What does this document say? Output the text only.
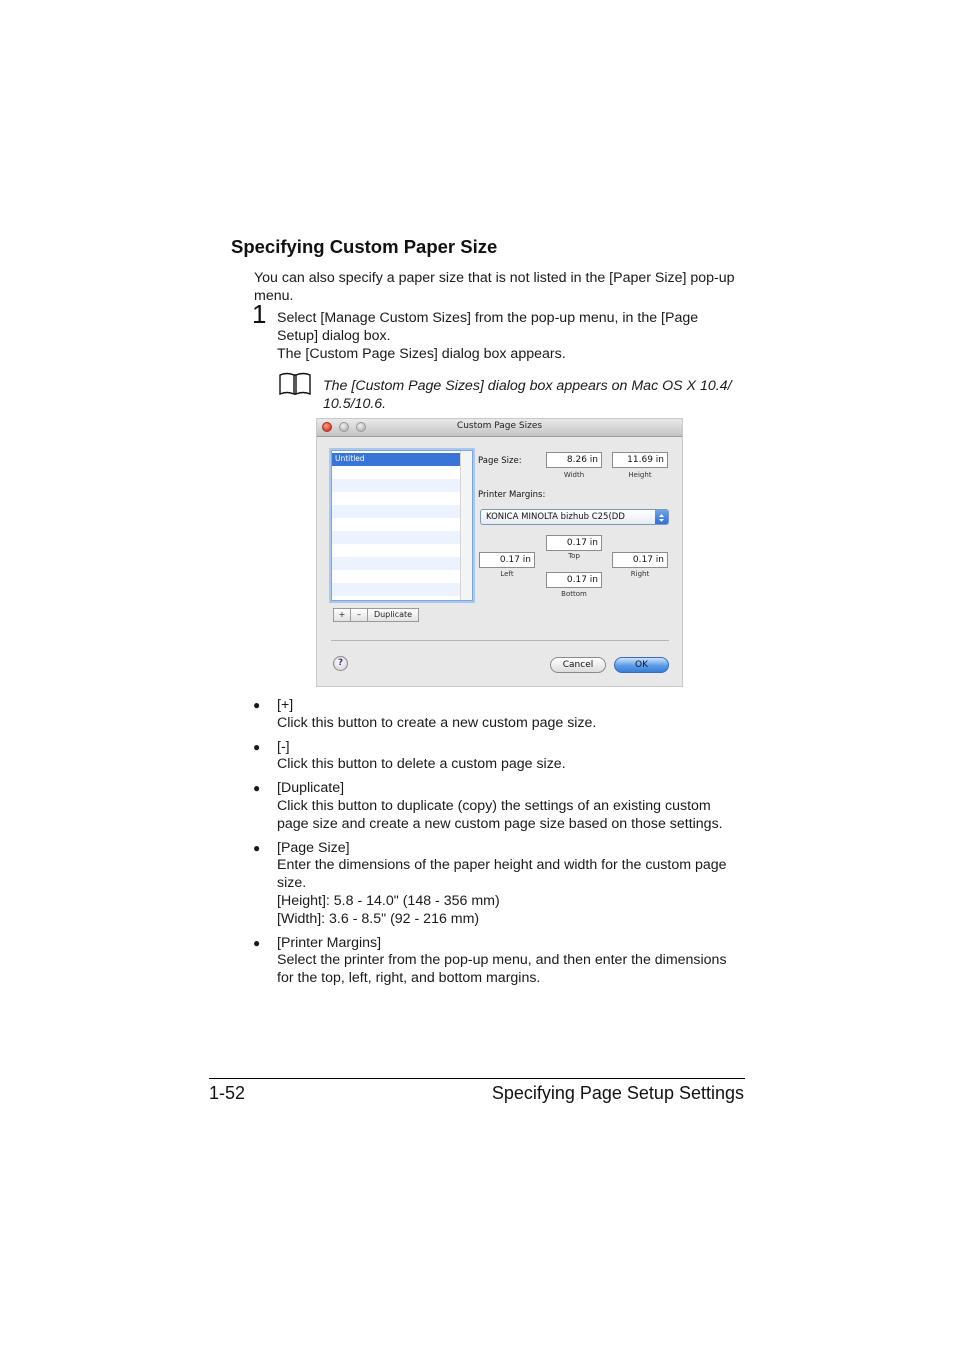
Specifying Custom Paper Size
You can also specify a paper size that is not listed in the [Paper Size] pop-up
menu.
1 Select [Manage Custom Sizes] from the pop-up menu, in the [Page
Setup] dialog box.
The [Custom Page Sizes] dialog box appears.
The [Custom Page Sizes] dialog box appears on Mac OS X 10.4/
10.5/10.6.
Custom Page Sizes
Untitled
+	–	Duplicate
Page Size:	8.26 in
Width
11.69 in
Height
Printer Margins:
KONICA MINOLTA bizhub C25(DD
0.17 in
Top
0.17 in
Left
0.17 in
Right
0.17 in
Bottom
?	Cancel	OK
● [+]
Click this button to create a new custom page size.
● [-]
Click this button to delete a custom page size.
● [Duplicate]
Click this button to duplicate (copy) the settings of an existing custom
page size and create a new custom page size based on those settings.
● [Page Size]
Enter the dimensions of the paper height and width for the custom page
size.
[Height]: 5.8 - 14.0" (148 - 356 mm)
[Width]: 3.6 - 8.5" (92 - 216 mm)
● [Printer Margins]
Select the printer from the pop-up menu, and then enter the dimensions
for the top, left, right, and bottom margins.
1-52	Specifying Page Setup Settings
